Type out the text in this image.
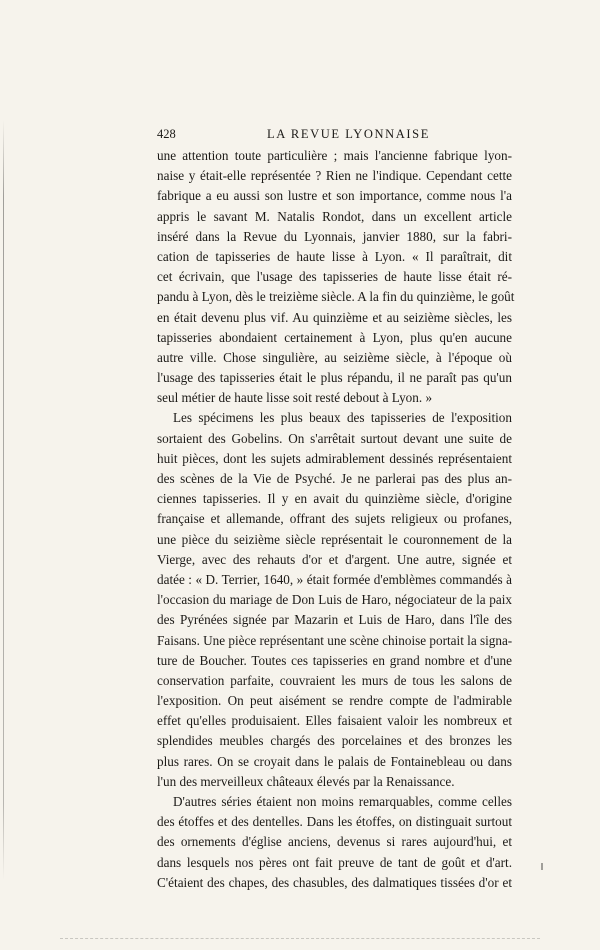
428	LA REVUE LYONNAISE
une attention toute particulière ; mais l'ancienne fabrique lyon-
naise y était-elle représentée ? Rien ne l'indique. Cependant cette
fabrique a eu aussi son lustre et son importance, comme nous l'a
appris le savant M. Natalis Rondot, dans un excellent article
inséré dans la Revue du Lyonnais, janvier 1880, sur la fabri-
cation de tapisseries de haute lisse à Lyon. « Il paraîtrait, dit
cet écrivain, que l'usage des tapisseries de haute lisse était ré-
pandu à Lyon, dès le treizième siècle. A la fin du quinzième, le goût
en était devenu plus vif. Au quinzième et au seizième siècles, les
tapisseries abondaient certainement à Lyon, plus qu'en aucune
autre ville. Chose singulière, au seizième siècle, à l'époque où
l'usage des tapisseries était le plus répandu, il ne paraît pas qu'un
seul métier de haute lisse soit resté debout à Lyon. »
Les spécimens les plus beaux des tapisseries de l'exposition
sortaient des Gobelins. On s'arrêtait surtout devant une suite de
huit pièces, dont les sujets admirablement dessinés représentaient
des scènes de la Vie de Psyché. Je ne parlerai pas des plus an-
ciennes tapisseries. Il y en avait du quinzième siècle, d'origine
française et allemande, offrant des sujets religieux ou profanes,
une pièce du seizième siècle représentait le couronnement de la
Vierge, avec des rehauts d'or et d'argent. Une autre, signée et
datée : « D. Terrier, 1640, » était formée d'emblèmes commandés à
l'occasion du mariage de Don Luis de Haro, négociateur de la paix
des Pyrénées signée par Mazarin et Luis de Haro, dans l'île des
Faisans. Une pièce représentant une scène chinoise portait la signa-
ture de Boucher. Toutes ces tapisseries en grand nombre et d'une
conservation parfaite, couvraient les murs de tous les salons de
l'exposition. On peut aisément se rendre compte de l'admirable
effet qu'elles produisaient. Elles faisaient valoir les nombreux et
splendides meubles chargés des porcelaines et des bronzes les
plus rares. On se croyait dans le palais de Fontainebleau ou dans
l'un des merveilleux châteaux élevés par la Renaissance.
D'autres séries étaient non moins remarquables, comme celles
des étoffes et des dentelles. Dans les étoffes, on distinguait surtout
des ornements d'église anciens, devenus si rares aujourd'hui, et
dans lesquels nos pères ont fait preuve de tant de goût et d'art.
C'étaient des chapes, des chasubles, des dalmatiques tissées d'or et
